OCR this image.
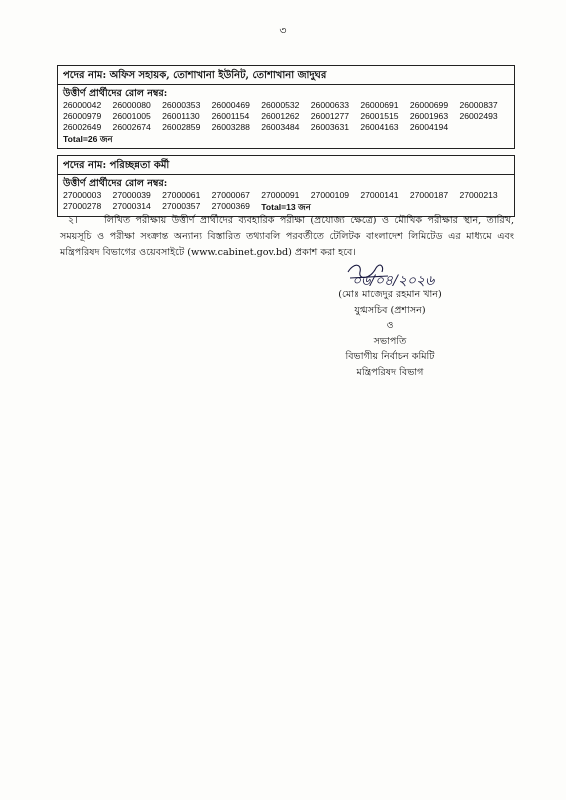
৩
পদের নাম: অফিস সহায়ক, তোশাখানা ইউনিট, তোশাখানা জাদুঘর
উত্তীর্ণ প্রার্থীদের রোল নম্বর:
26000042	26000080	26000353	26000469	26000532	26000633	26000691	26000699	26000837
26000979	26001005	26001130	26001154	26001262	26001277	26001515	26001963	26002493
26002649	26002674	26002859	26003288	26003484	26003631	26004163	26004194
Total=26 জন
পদের নাম: পরিচ্ছন্নতা কর্মী
উত্তীর্ণ প্রার্থীদের রোল নম্বর:
27000003	27000039	27000061	27000067	27000091	27000109	27000141	27000187	27000213
27000278	27000314	27000357	27000369	Total=13 জন
২।	লিখিত পরীক্ষায় উত্তীর্ণ প্রার্থীদের ব্যবহারিক পরীক্ষা (প্রযোজ্য ক্ষেত্রে) ও মৌখিক পরীক্ষার স্থান, তারিখ, সময়সূচি ও পরীক্ষা সংক্রান্ত অন্যান্য বিস্তারিত তথ্যাবলি পরবর্তীতে টেলিটক বাংলাদেশ লিমিটেড এর মাধ্যমে এবং মন্ত্রিপরিষদ বিভাগের ওয়েবসাইটে (www.cabinet.gov.bd) প্রকাশ করা হবে।
০৬/০৪/২০২৬
(মোঃ মাজেদুর রহমান খান)
যুগ্মসচিব (প্রশাসন)
ও
সভাপতি
বিভাগীয় নির্বাচন কমিটি
মন্ত্রিপরিষদ বিভাগ
